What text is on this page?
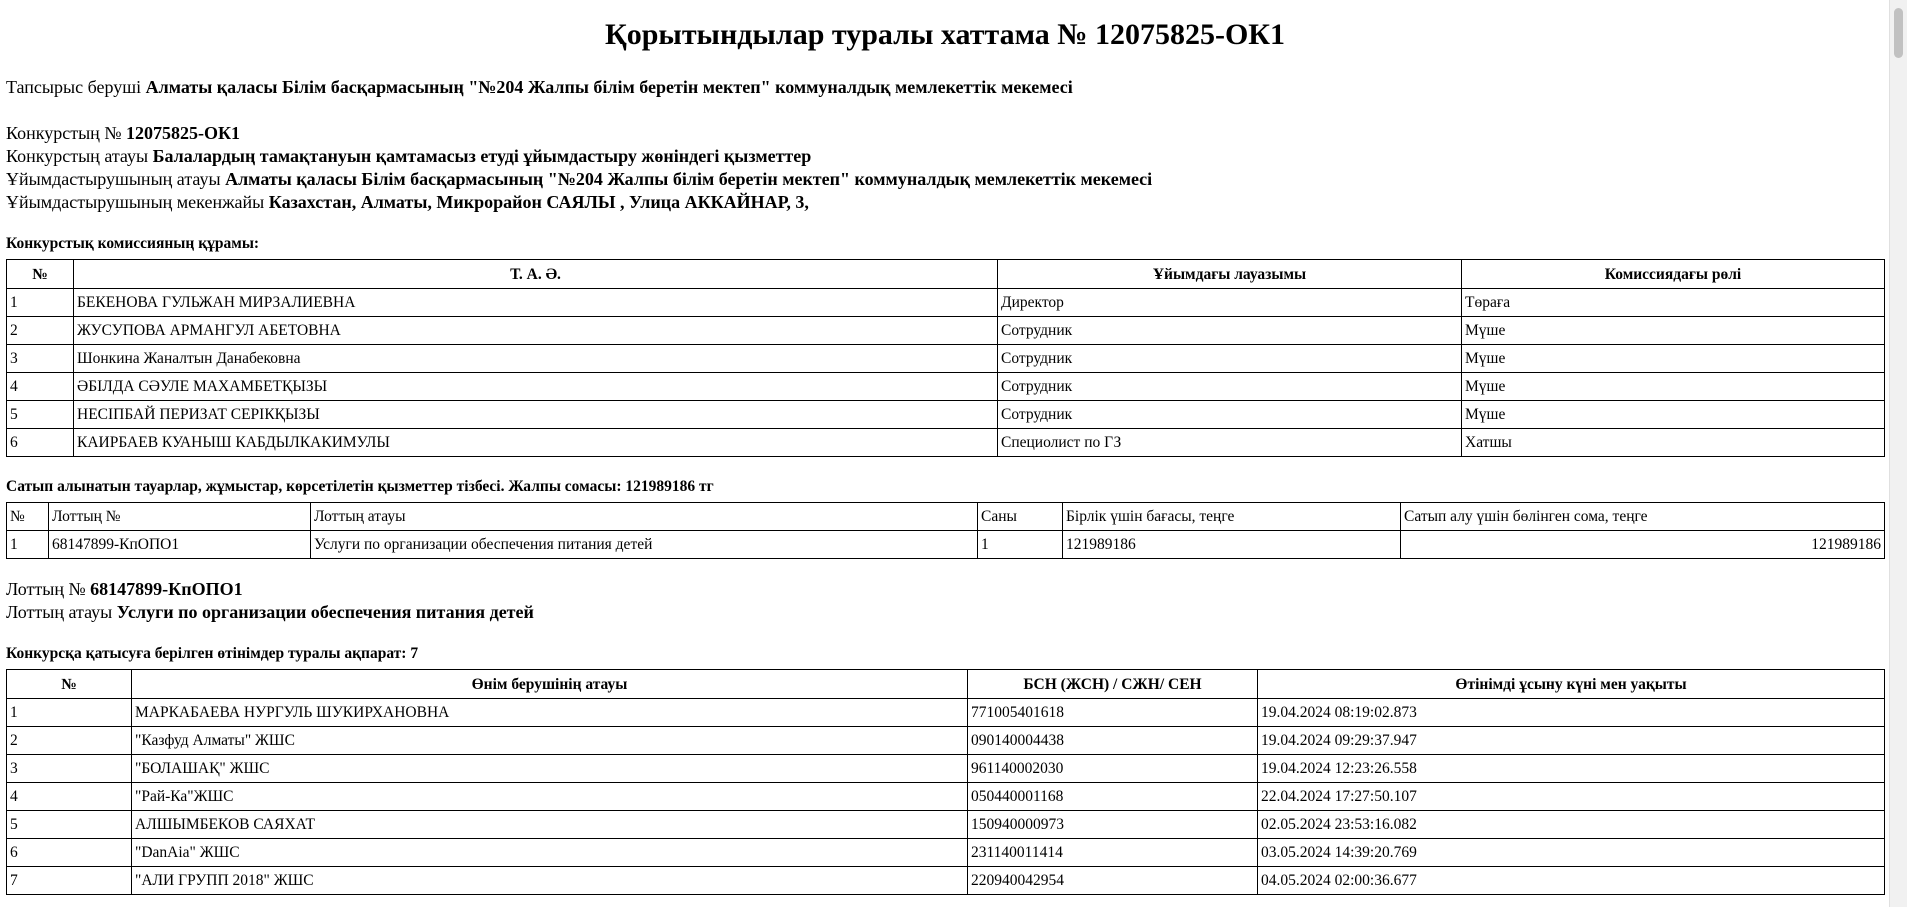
Қорытындылар туралы хаттама № 12075825-ОК1
Тапсырыс беруші Алматы қаласы Білім басқармасының "№204 Жалпы білім беретін мектеп" коммуналдық мемлекеттік мекемесі
Конкурстың № 12075825-ОК1
Конкурстың атауы Балалардың тамақтануын қамтамасыз етуді ұйымдастыру жөніндегі қызметтер
Ұйымдастырушының атауы Алматы қаласы Білім басқармасының "№204 Жалпы білім беретін мектеп" коммуналдық мемлекеттік мекемесі
Ұйымдастырушының мекенжайы Казахстан, Алматы, Микрорайон САЯЛЫ , Улица АККАЙНАР, 3,
Конкурстық комиссияның құрамы:
№	Т. А. Ә.	Ұйымдағы лауазымы	Комиссиядағы рөлі
1	БЕКЕНОВА ГУЛЬЖАН МИРЗАЛИЕВНА	Директор	Төраға
2	ЖУСУПОВА АРМАНГУЛ АБЕТОВНА	Сотрудник	Мүше
3	Шонкина Жаналтын Данабековна	Сотрудник	Мүше
4	ӘБІЛДА СӘУЛЕ МАХАМБЕТҚЫЗЫ	Сотрудник	Мүше
5	НЕСІПБАЙ ПЕРИЗАТ СЕРІКҚЫЗЫ	Сотрудник	Мүше
6	КАИРБАЕВ КУАНЫШ КАБДЫЛКАКИМУЛЫ	Специолист по ГЗ	Хатшы
Сатып алынатын тауарлар, жұмыстар, көрсетілетін қызметтер тізбесі. Жалпы сомасы: 121989186 тг
№	Лоттың №	Лоттың атауы	Саны	Бірлік үшін бағасы, теңге	Сатып алу үшін бөлінген сома, теңге
1	68147899-КпОПО1	Услуги по организации обеспечения питания детей	1	121989186	121989186
Лоттың № 68147899-КпОПО1
Лоттың атауы Услуги по организации обеспечения питания детей
Конкурсқа қатысуға берілген өтінімдер туралы ақпарат: 7
№	Өнім берушінің атауы	БСН (ЖСН) / СЖН/ СЕН	Өтінімді ұсыну күні мен уақыты
1	МАРКАБАЕВА НУРГУЛЬ ШУКИРХАНОВНА	771005401618	19.04.2024 08:19:02.873
2	"Казфуд Алматы" ЖШС	090140004438	19.04.2024 09:29:37.947
3	"БОЛАШАҚ" ЖШС	961140002030	19.04.2024 12:23:26.558
4	"Рай-Ка"ЖШС	050440001168	22.04.2024 17:27:50.107
5	АЛШЫМБЕКОВ САЯХАТ	150940000973	02.05.2024 23:53:16.082
6	"DanAia" ЖШС	231140011414	03.05.2024 14:39:20.769
7	"АЛИ ГРУПП 2018" ЖШС	220940042954	04.05.2024 02:00:36.677
